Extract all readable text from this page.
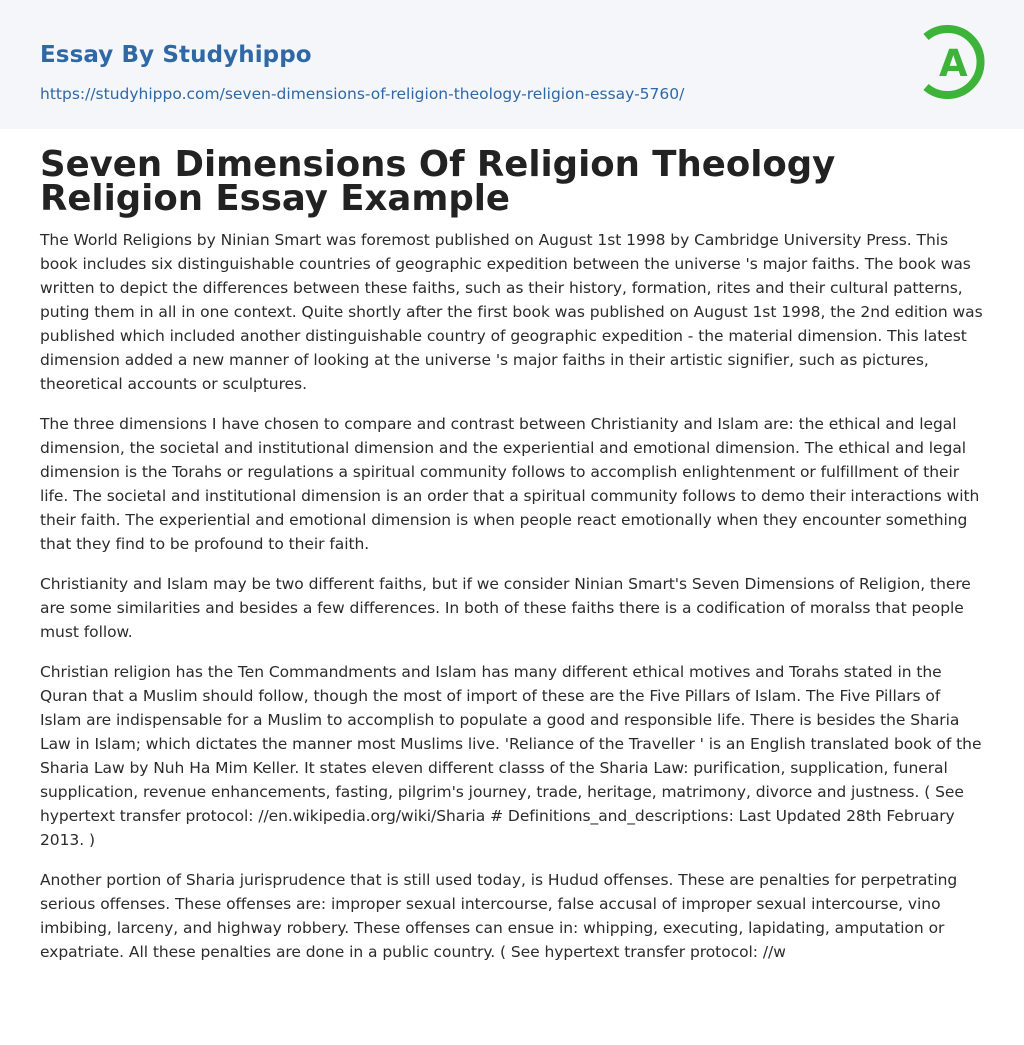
Essay By Studyhippo
https://studyhippo.com/seven-dimensions-of-religion-theology-religion-essay-5760/
A
Seven Dimensions Of Religion Theology Religion Essay Example

The World Religions by Ninian Smart was foremost published on August 1st 1998 by Cambridge University Press. This book includes six distinguishable countries of geographic expedition between the universe 's major faiths. The book was written to depict the differences between these faiths, such as their history, formation, rites and their cultural patterns, puting them in all in one context. Quite shortly after the first book was published on August 1st 1998, the 2nd edition was published which included another distinguishable country of geographic expedition - the material dimension. This latest dimension added a new manner of looking at the universe 's major faiths in their artistic signifier, such as pictures, theoretical accounts or sculptures.

The three dimensions I have chosen to compare and contrast between Christianity and Islam are: the ethical and legal dimension, the societal and institutional dimension and the experiential and emotional dimension. The ethical and legal dimension is the Torahs or regulations a spiritual community follows to accomplish enlightenment or fulfillment of their life. The societal and institutional dimension is an order that a spiritual community follows to demo their interactions with their faith. The experiential and emotional dimension is when people react emotionally when they encounter something that they find to be profound to their faith.

Christianity and Islam may be two different faiths, but if we consider Ninian Smart's Seven Dimensions of Religion, there are some similarities and besides a few differences. In both of these faiths there is a codification of moralss that people must follow.

Christian religion has the Ten Commandments and Islam has many different ethical motives and Torahs stated in the Quran that a Muslim should follow, though the most of import of these are the Five Pillars of Islam. The Five Pillars of Islam are indispensable for a Muslim to accomplish to populate a good and responsible life. There is besides the Sharia Law in Islam; which dictates the manner most Muslims live. 'Reliance of the Traveller ' is an English translated book of the Sharia Law by Nuh Ha Mim Keller. It states eleven different classs of the Sharia Law: purification, supplication, funeral supplication, revenue enhancements, fasting, pilgrim's journey, trade, heritage, matrimony, divorce and justness. ( See hypertext transfer protocol: //en.wikipedia.org/wiki/Sharia # Definitions_and_descriptions: Last Updated 28th February 2013. )

Another portion of Sharia jurisprudence that is still used today, is Hudud offenses. These are penalties for perpetrating serious offenses. These offenses are: improper sexual intercourse, false accusal of improper sexual intercourse, vino imbibing, larceny, and highway robbery. These offenses can ensue in: whipping, executing, lapidating, amputation or expatriate. All these penalties are done in a public country. ( See hypertext transfer protocol: //w
